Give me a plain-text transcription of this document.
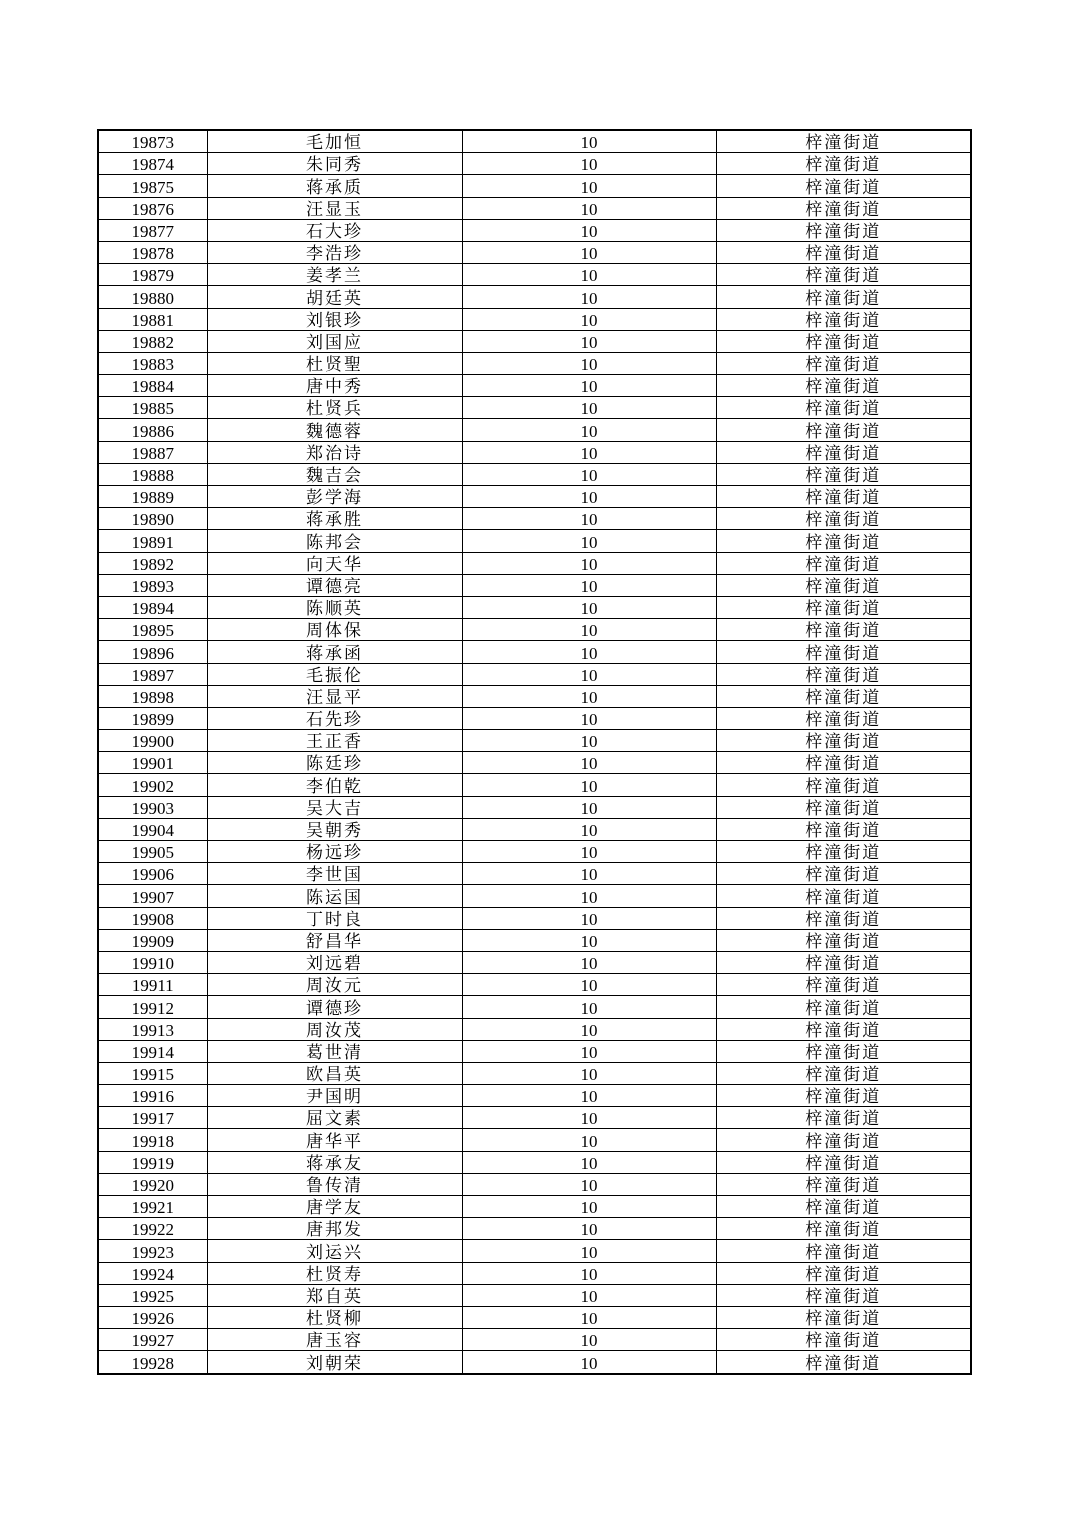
19873	毛加恒	10	梓潼街道
19874	朱同秀	10	梓潼街道
19875	蒋承质	10	梓潼街道
19876	汪显玉	10	梓潼街道
19877	石大珍	10	梓潼街道
19878	李浩珍	10	梓潼街道
19879	姜孝兰	10	梓潼街道
19880	胡廷英	10	梓潼街道
19881	刘银珍	10	梓潼街道
19882	刘国应	10	梓潼街道
19883	杜贤聖	10	梓潼街道
19884	唐中秀	10	梓潼街道
19885	杜贤兵	10	梓潼街道
19886	魏德蓉	10	梓潼街道
19887	郑治诗	10	梓潼街道
19888	魏吉会	10	梓潼街道
19889	彭学海	10	梓潼街道
19890	蒋承胜	10	梓潼街道
19891	陈邦会	10	梓潼街道
19892	向天华	10	梓潼街道
19893	谭德亮	10	梓潼街道
19894	陈顺英	10	梓潼街道
19895	周体保	10	梓潼街道
19896	蒋承函	10	梓潼街道
19897	毛振伦	10	梓潼街道
19898	汪显平	10	梓潼街道
19899	石先珍	10	梓潼街道
19900	王正香	10	梓潼街道
19901	陈廷珍	10	梓潼街道
19902	李伯乾	10	梓潼街道
19903	吴大吉	10	梓潼街道
19904	吴朝秀	10	梓潼街道
19905	杨远珍	10	梓潼街道
19906	李世国	10	梓潼街道
19907	陈运国	10	梓潼街道
19908	丁时良	10	梓潼街道
19909	舒昌华	10	梓潼街道
19910	刘远碧	10	梓潼街道
19911	周汝元	10	梓潼街道
19912	谭德珍	10	梓潼街道
19913	周汝茂	10	梓潼街道
19914	葛世清	10	梓潼街道
19915	欧昌英	10	梓潼街道
19916	尹国明	10	梓潼街道
19917	屈文素	10	梓潼街道
19918	唐华平	10	梓潼街道
19919	蒋承友	10	梓潼街道
19920	鲁传清	10	梓潼街道
19921	唐学友	10	梓潼街道
19922	唐邦发	10	梓潼街道
19923	刘运兴	10	梓潼街道
19924	杜贤寿	10	梓潼街道
19925	郑自英	10	梓潼街道
19926	杜贤柳	10	梓潼街道
19927	唐玉容	10	梓潼街道
19928	刘朝荣	10	梓潼街道
